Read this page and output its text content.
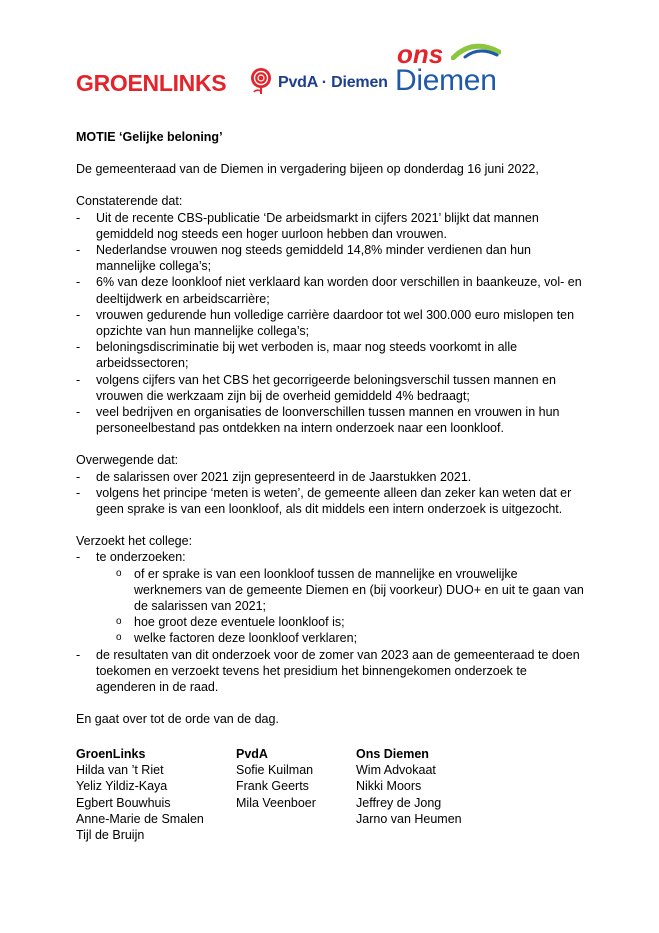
GROENLINKS	PvdA · Diemen
ons
Diemen

MOTIE ‘Gelijke beloning’

De gemeenteraad van de Diemen in vergadering bijeen op donderdag 16 juni 2022,

Constaterende dat:

- Uit de recente CBS-publicatie ‘De arbeidsmarkt in cijfers 2021’ blijkt dat mannen gemiddeld nog steeds een hoger uurloon hebben dan vrouwen.
- Nederlandse vrouwen nog steeds gemiddeld 14,8% minder verdienen dan hun mannelijke collega’s;
- 6% van deze loonkloof niet verklaard kan worden door verschillen in baankeuze, vol- en deeltijdwerk en arbeidscarrière;
- vrouwen gedurende hun volledige carrière daardoor tot wel 300.000 euro mislopen ten opzichte van hun mannelijke collega’s;
- beloningsdiscriminatie bij wet verboden is, maar nog steeds voorkomt in alle arbeidssectoren;
- volgens cijfers van het CBS het gecorrigeerde beloningsverschil tussen mannen en vrouwen die werkzaam zijn bij de overheid gemiddeld 4% bedraagt;
- veel bedrijven en organisaties de loonverschillen tussen mannen en vrouwen in hun personeelbestand pas ontdekken na intern onderzoek naar een loonkloof.

Overwegende dat:

- de salarissen over 2021 zijn gepresenteerd in de Jaarstukken 2021.
- volgens het principe ‘meten is weten’, de gemeente alleen dan zeker kan weten dat er geen sprake is van een loonkloof, als dit middels een intern onderzoek is uitgezocht.

Verzoekt het college:

- te onderzoeken:
o of er sprake is van een loonkloof tussen de mannelijke en vrouwelijke werknemers van de gemeente Diemen en (bij voorkeur) DUO+ en uit te gaan van de salarissen van 2021;
o hoe groot deze eventuele loonkloof is;
o welke factoren deze loonkloof verklaren;
- de resultaten van dit onderzoek voor de zomer van 2023 aan de gemeenteraad te doen toekomen en verzoekt tevens het presidium het binnengekomen onderzoek te agenderen in de raad.

En gaat over tot de orde van de dag.

GroenLinks
Hilda van ’t Riet
Yeliz Yildiz-Kaya
Egbert Bouwhuis
Anne-Marie de Smalen
Tijl de Bruijn
PvdA
Sofie Kuilman
Frank Geerts
Mila Veenboer
Ons Diemen
Wim Advokaat
Nikki Moors
Jeffrey de Jong
Jarno van Heumen
